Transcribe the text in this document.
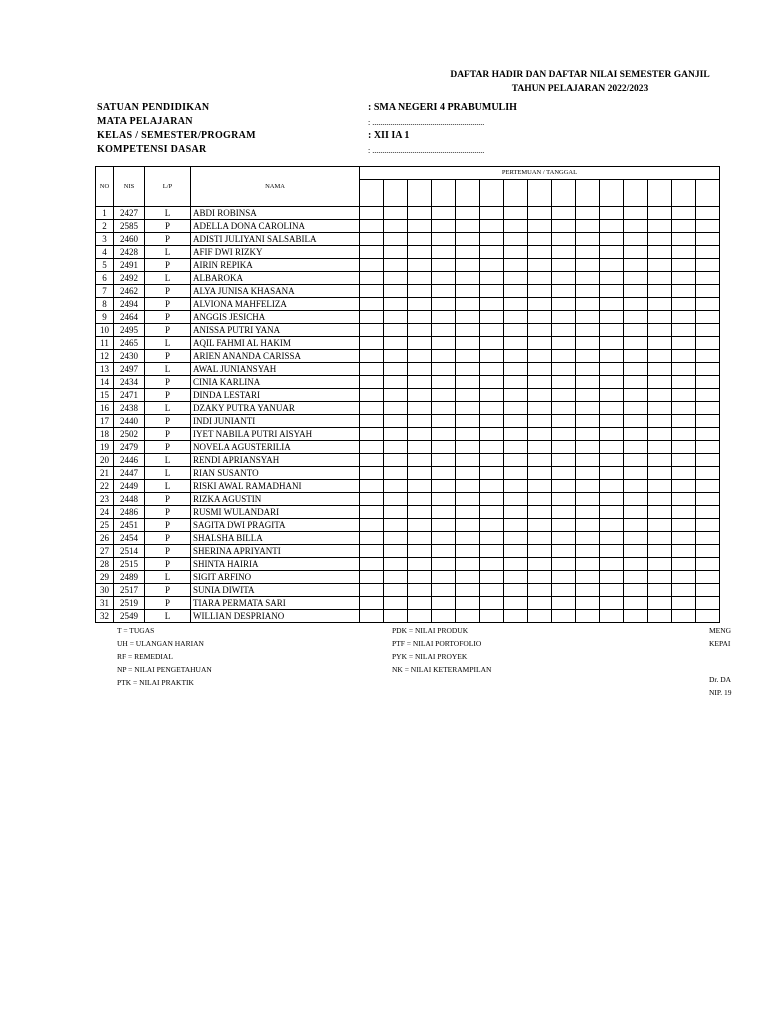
DAFTAR HADIR DAN DAFTAR NILAI SEMESTER GANJIL
TAHUN PELAJARAN 2022/2023
SATUAN PENDIDIKAN	: SMA NEGERI 4 PRABUMULIH
MATA PELAJARAN	: ........................................................
KELAS / SEMESTER/PROGRAM	: XII IA 1
KOMPETENSI DASAR	: ........................................................
NO	NIS	L/P	NAMA	PERTEMUAN / TANGGAL														

1	2427	L	ABDI ROBINSA															
2	2585	P	ADELLA DONA CAROLINA															
3	2460	P	ADISTI JULIYANI SALSABILA															
4	2428	L	AFIF DWI RIZKY															
5	2491	P	AIRIN REPIKA															
6	2492	L	ALBAROKA															
7	2462	P	ALYA JUNISA KHASANA															
8	2494	P	ALVIONA MAHFELIZA															
9	2464	P	ANGGIS JESICHA															
10	2495	P	ANISSA PUTRI YANA															
11	2465	L	AQIL FAHMI AL HAKIM															
12	2430	P	ARIEN ANANDA CARISSA															
13	2497	L	AWAL JUNIANSYAH															
14	2434	P	CINIA KARLINA															
15	2471	P	DINDA LESTARI															
16	2438	L	DZAKY PUTRA YANUAR															
17	2440	P	INDI JUNIANTI															
18	2502	P	IYET NABILA PUTRI AISYAH															
19	2479	P	NOVELA AGUSTERILIA															
20	2446	L	RENDI APRIANSYAH															
21	2447	L	RIAN SUSANTO															
22	2449	L	RISKI AWAL RAMADHANI															
23	2448	P	RIZKA AGUSTIN															
24	2486	P	RUSMI WULANDARI															
25	2451	P	SAGITA DWI PRAGITA															
26	2454	P	SHALSHA BILLA															
27	2514	P	SHERINA APRIYANTI															
28	2515	P	SHINTA HAIRIA															
29	2489	L	SIGIT ARFINO															
30	2517	P	SUNIA DIWITA															
31	2519	P	TIARA PERMATA SARI															
32	2549	L	WILLIAN DESPRIANO															
T = TUGAS
UH = ULANGAN HARIAN
RF = REMEDIAL
NP = NILAI PENGETAHUAN
PTK = NILAI PRAKTIK
PDK = NILAI PRODUK
PTF = NILAI PORTOFOLIO
PYK = NILAI PROYEK
NK = NILAI KETERAMPILAN
MENG
KEPAI
Dr. DA
NIP. 19
